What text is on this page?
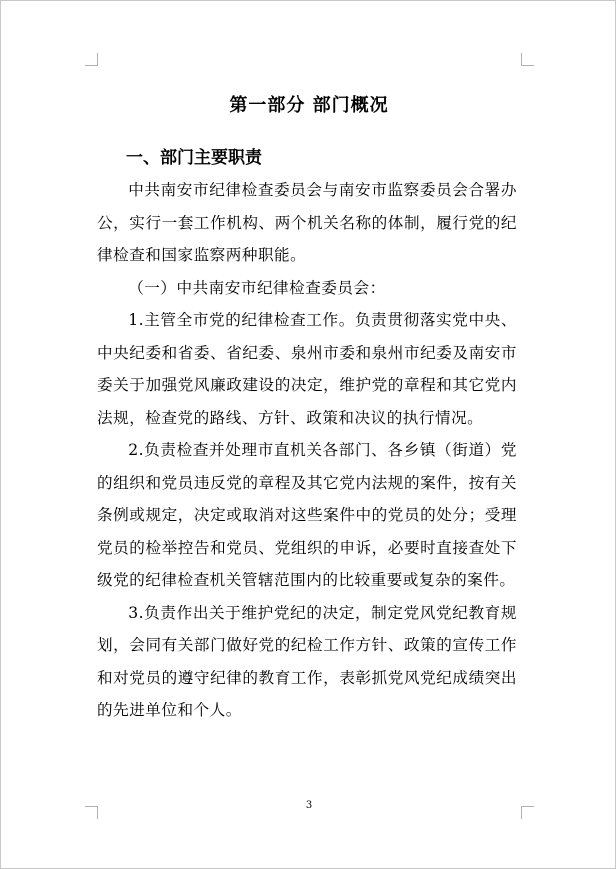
第一部分 部门概况
一、部门主要职责

中共南安市纪律检查委员会与南安市监察委员会合署办公，实行一套工作机构、两个机关名称的体制，履行党的纪律检查和国家监察两种职能。

（一）中共南安市纪律检查委员会：

1.主管全市党的纪律检查工作。负责贯彻落实党中央、中央纪委和省委、省纪委、泉州市委和泉州市纪委及南安市委关于加强党风廉政建设的决定，维护党的章程和其它党内法规，检查党的路线、方针、政策和决议的执行情况。

2.负责检查并处理市直机关各部门、各乡镇（街道）党的组织和党员违反党的章程及其它党内法规的案件，按有关条例或规定，决定或取消对这些案件中的党员的处分；受理党员的检举控告和党员、党组织的申诉，必要时直接查处下级党的纪律检查机关管辖范围内的比较重要或复杂的案件。

3.负责作出关于维护党纪的决定，制定党风党纪教育规划，会同有关部门做好党的纪检工作方针、政策的宣传工作和对党员的遵守纪律的教育工作，表彰抓党风党纪成绩突出的先进单位和个人。

3
